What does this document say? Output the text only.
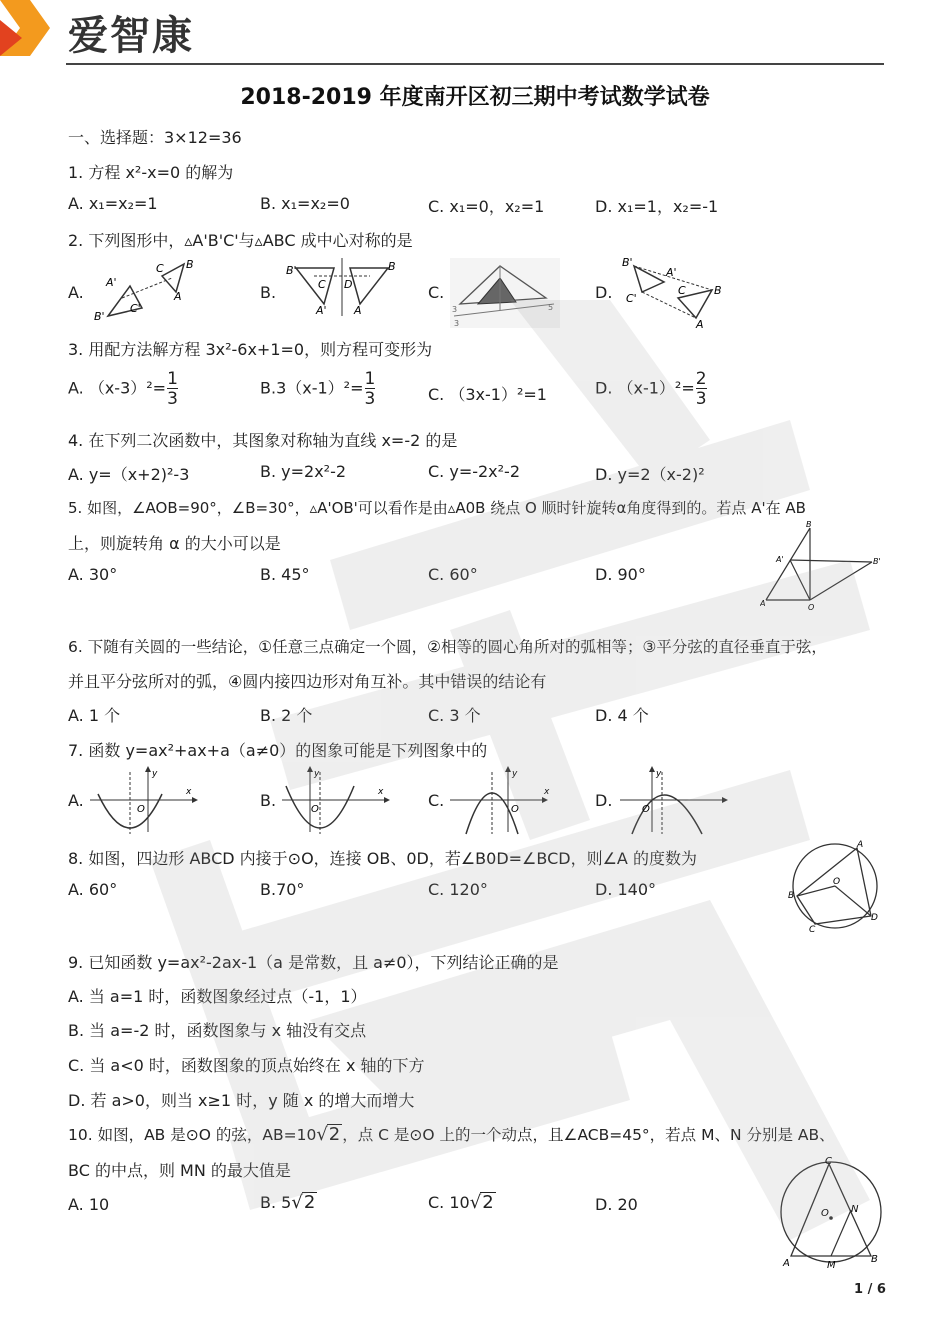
爱智康
2018-2019 年度南开区初三期中考试数学试卷
一、选择题：3×12=36
1. 方程 x²-x=0 的解为
A. x₁=x₂=1	B. x₁=x₂=0	C. x₁=0，x₂=1	D. x₁=1，x₂=-1
2. 下列图形中，▵A'B'C'与▵ABC 成中心对称的是
A.	B.	C.	D.
A'
B
C
A
B'
C'
B'
C D
B
A' A	3
3
5
B'
A'
C'
C	B
A
3. 用配方法解方程 3x²-6x+1=0，则方程可变形为
A. $(x-3)^2= \frac{1}{3}$	$B.3(x-1)^2= \frac{1}{3}$	C. （3x-1）²=1	D. $(x-1)^2= \frac{2}{3}$
4. 在下列二次函数中，其图象对称轴为直线 x=-2 的是
A. y=（x+2)²-3	B. y=2x²-2	C. y=-2x²-2	D. y=2（x-2)²
5. 如图，∠AOB=90°，∠B=30°，▵A'OB'可以看作是由▵A0B 绕点 O 顺时针旋转α角度得到的。若点 A'在 AB
上，则旋转角 α 的大小可以是
A. 30°	B. 45°	C. 60°	D. 90°
B
A'	B'
A	O
6. 下随有关圆的一些结论，①任意三点确定一个圆，②相等的圆心角所对的弧相等；③平分弦的直径垂直于弦，
并且平分弦所对的弧，④圆内接四边形对角互补。其中错误的结论有
A. 1 个	B. 2 个	C. 3 个	D. 4 个
7. 函数 y=ax²+ax+a（a≠0）的图象可能是下列图象中的
A.	B.	C.	D.
y
O
x
y
O
x
y
O
x
y
O
8. 如图，四边形 ABCD 内接于⊙O，连接 OB、0D，若∠B0D=∠BCD，则∠A 的度数为
A. 60°	B.70°	C. 120°	D. 140°
A
O
B
D
C
9. 已知函数 y=ax²-2ax-1（a 是常数，且 a≠0），下列结论正确的是
A. 当 a=1 时，函数图象经过点（-1，1）
B. 当 a=-2 时，函数图象与 x 轴没有交点
C. 当 a<0 时，函数图象的顶点始终在 x 轴的下方
D. 若 a>0，则当 x≥1 时，y 随 x 的增大而增大
10. 如图，AB 是⊙O 的弦，AB=10√2 ，点 C 是⊙O 上的一个动点，且∠ACB=45°，若点 M、N 分别是 AB、
BC 的中点，则 MN 的最大值是
A. 10	B. 5√2	C. 10√2	D. 20
C
O N
A	M
B
1 / 6
